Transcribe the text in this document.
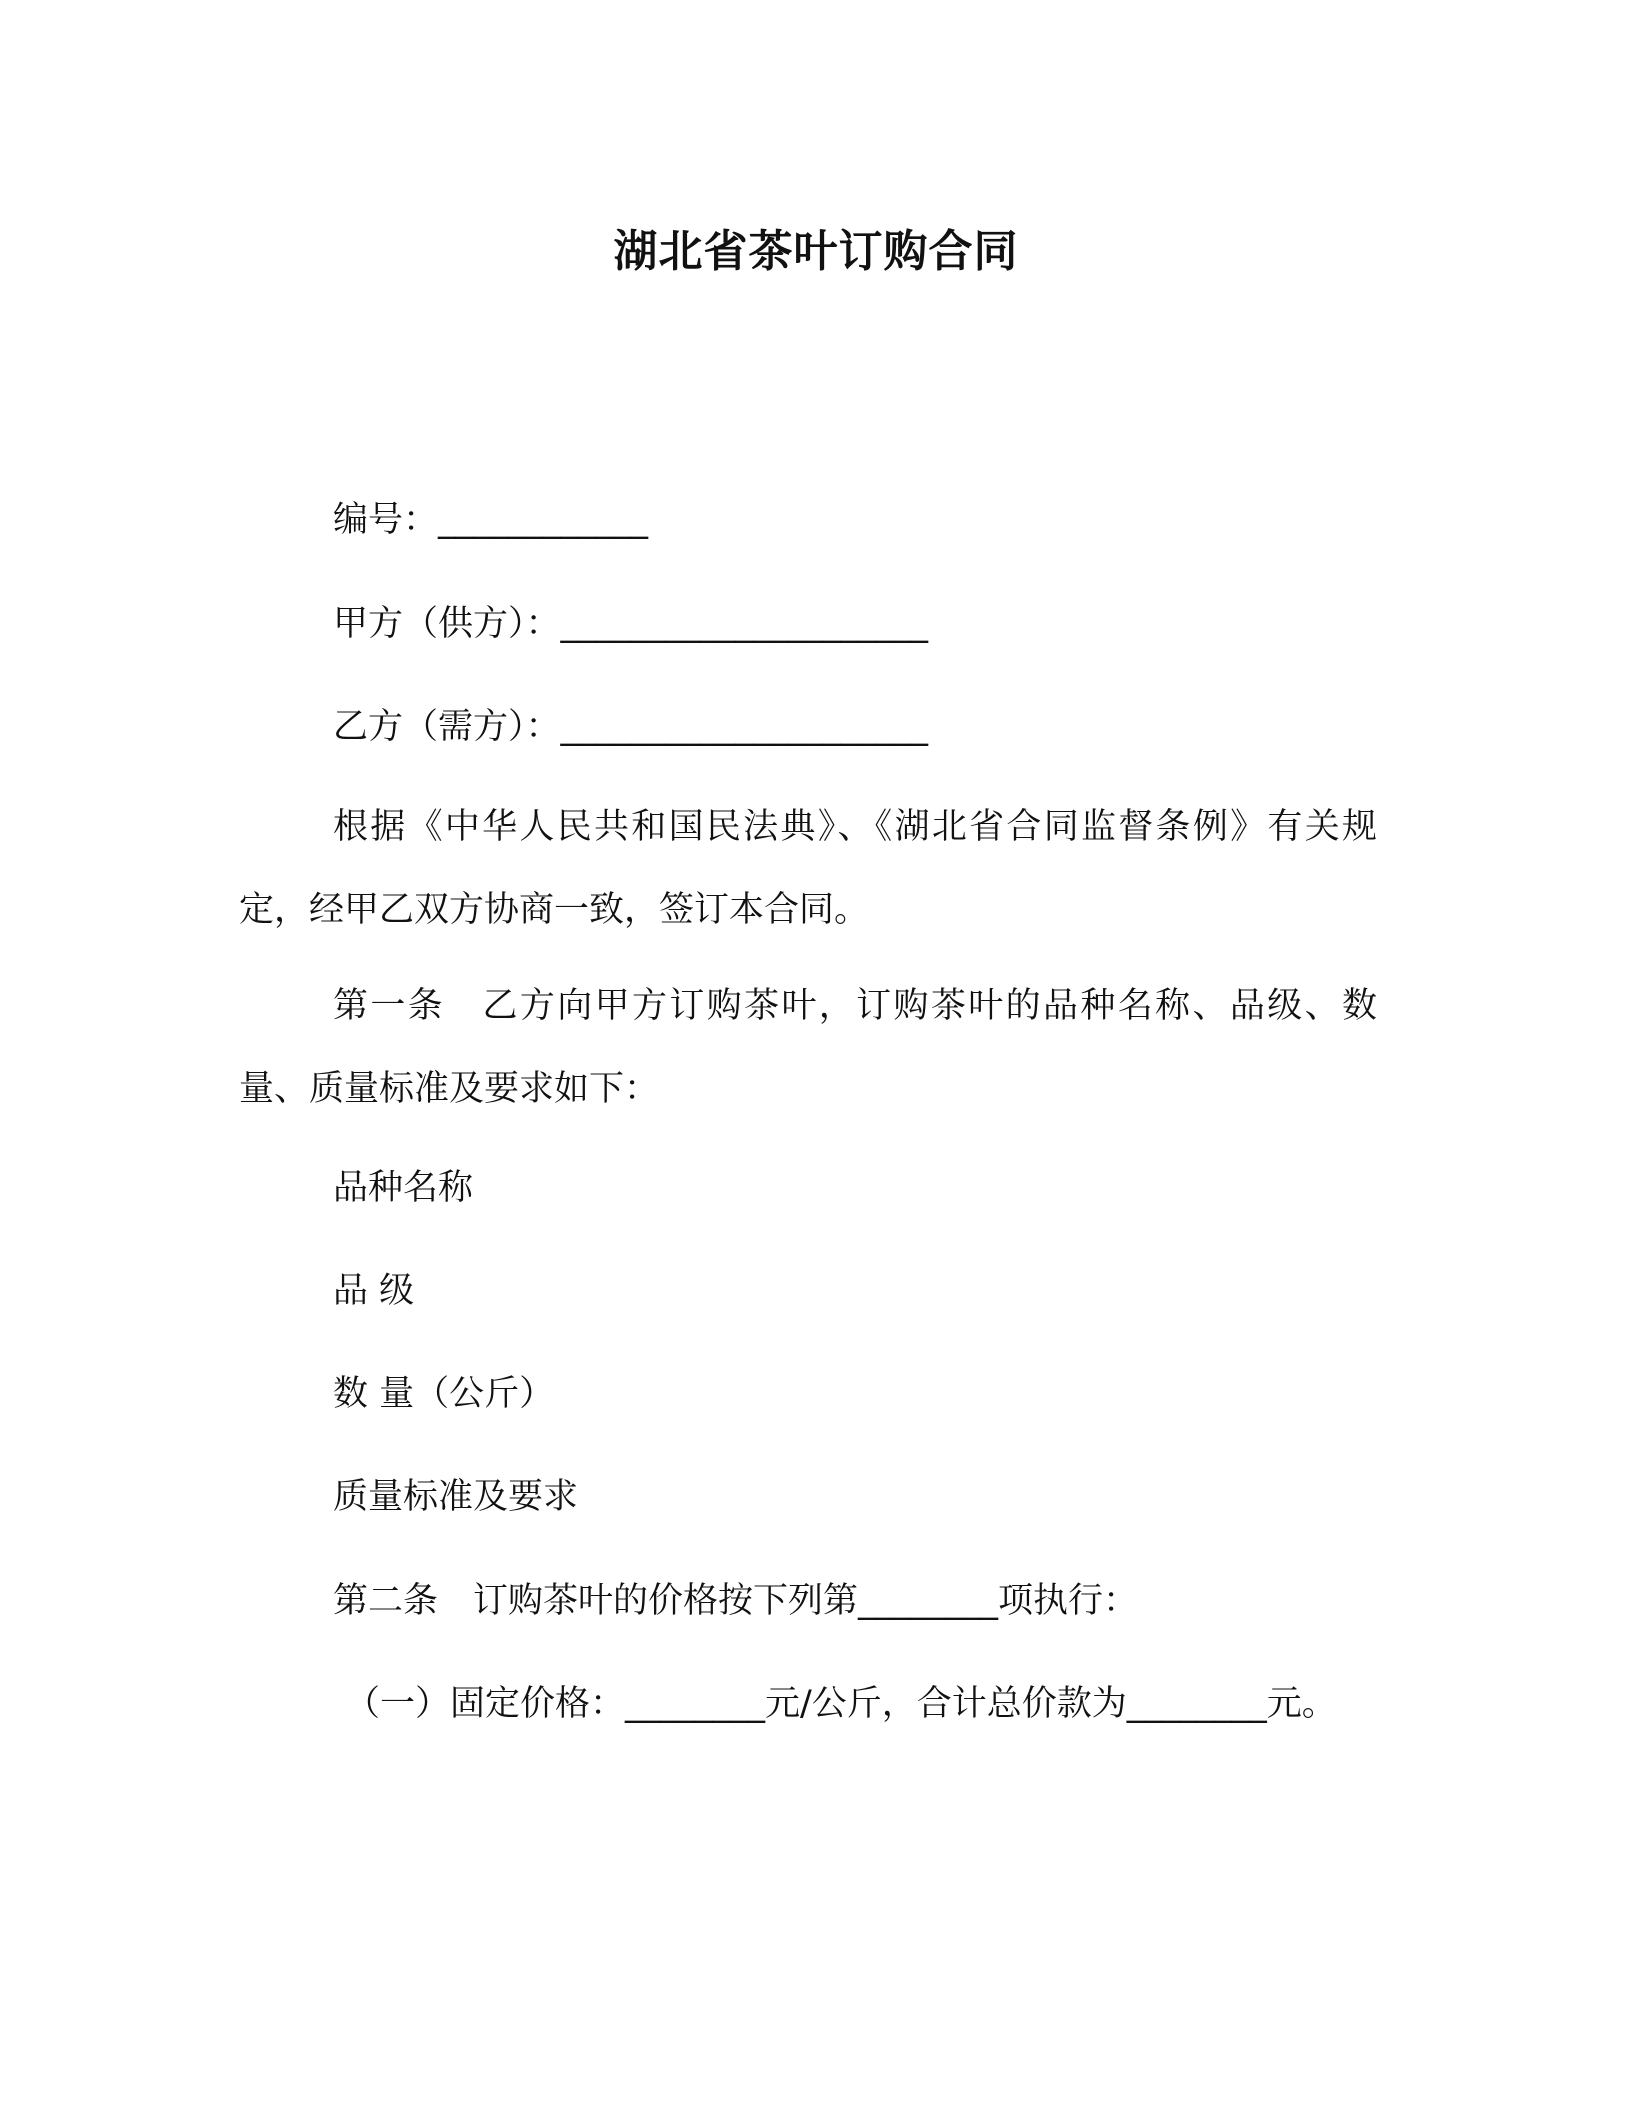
湖北省茶叶订购合同

编号：____________

甲方（供方）：_____________________

乙方（需方）：_____________________

根据《中华人民共和国民法典》、《湖北省合同监督条例》有关规定，经甲乙双方协商一致，签订本合同。

第一条　乙方向甲方订购茶叶，订购茶叶的品种名称、品级、数量、质量标准及要求如下：

品种名称

品 级

数 量（公斤）

质量标准及要求

第二条　订购茶叶的价格按下列第________项执行：

（一）固定价格：________元/公斤，合计总价款为________元。
